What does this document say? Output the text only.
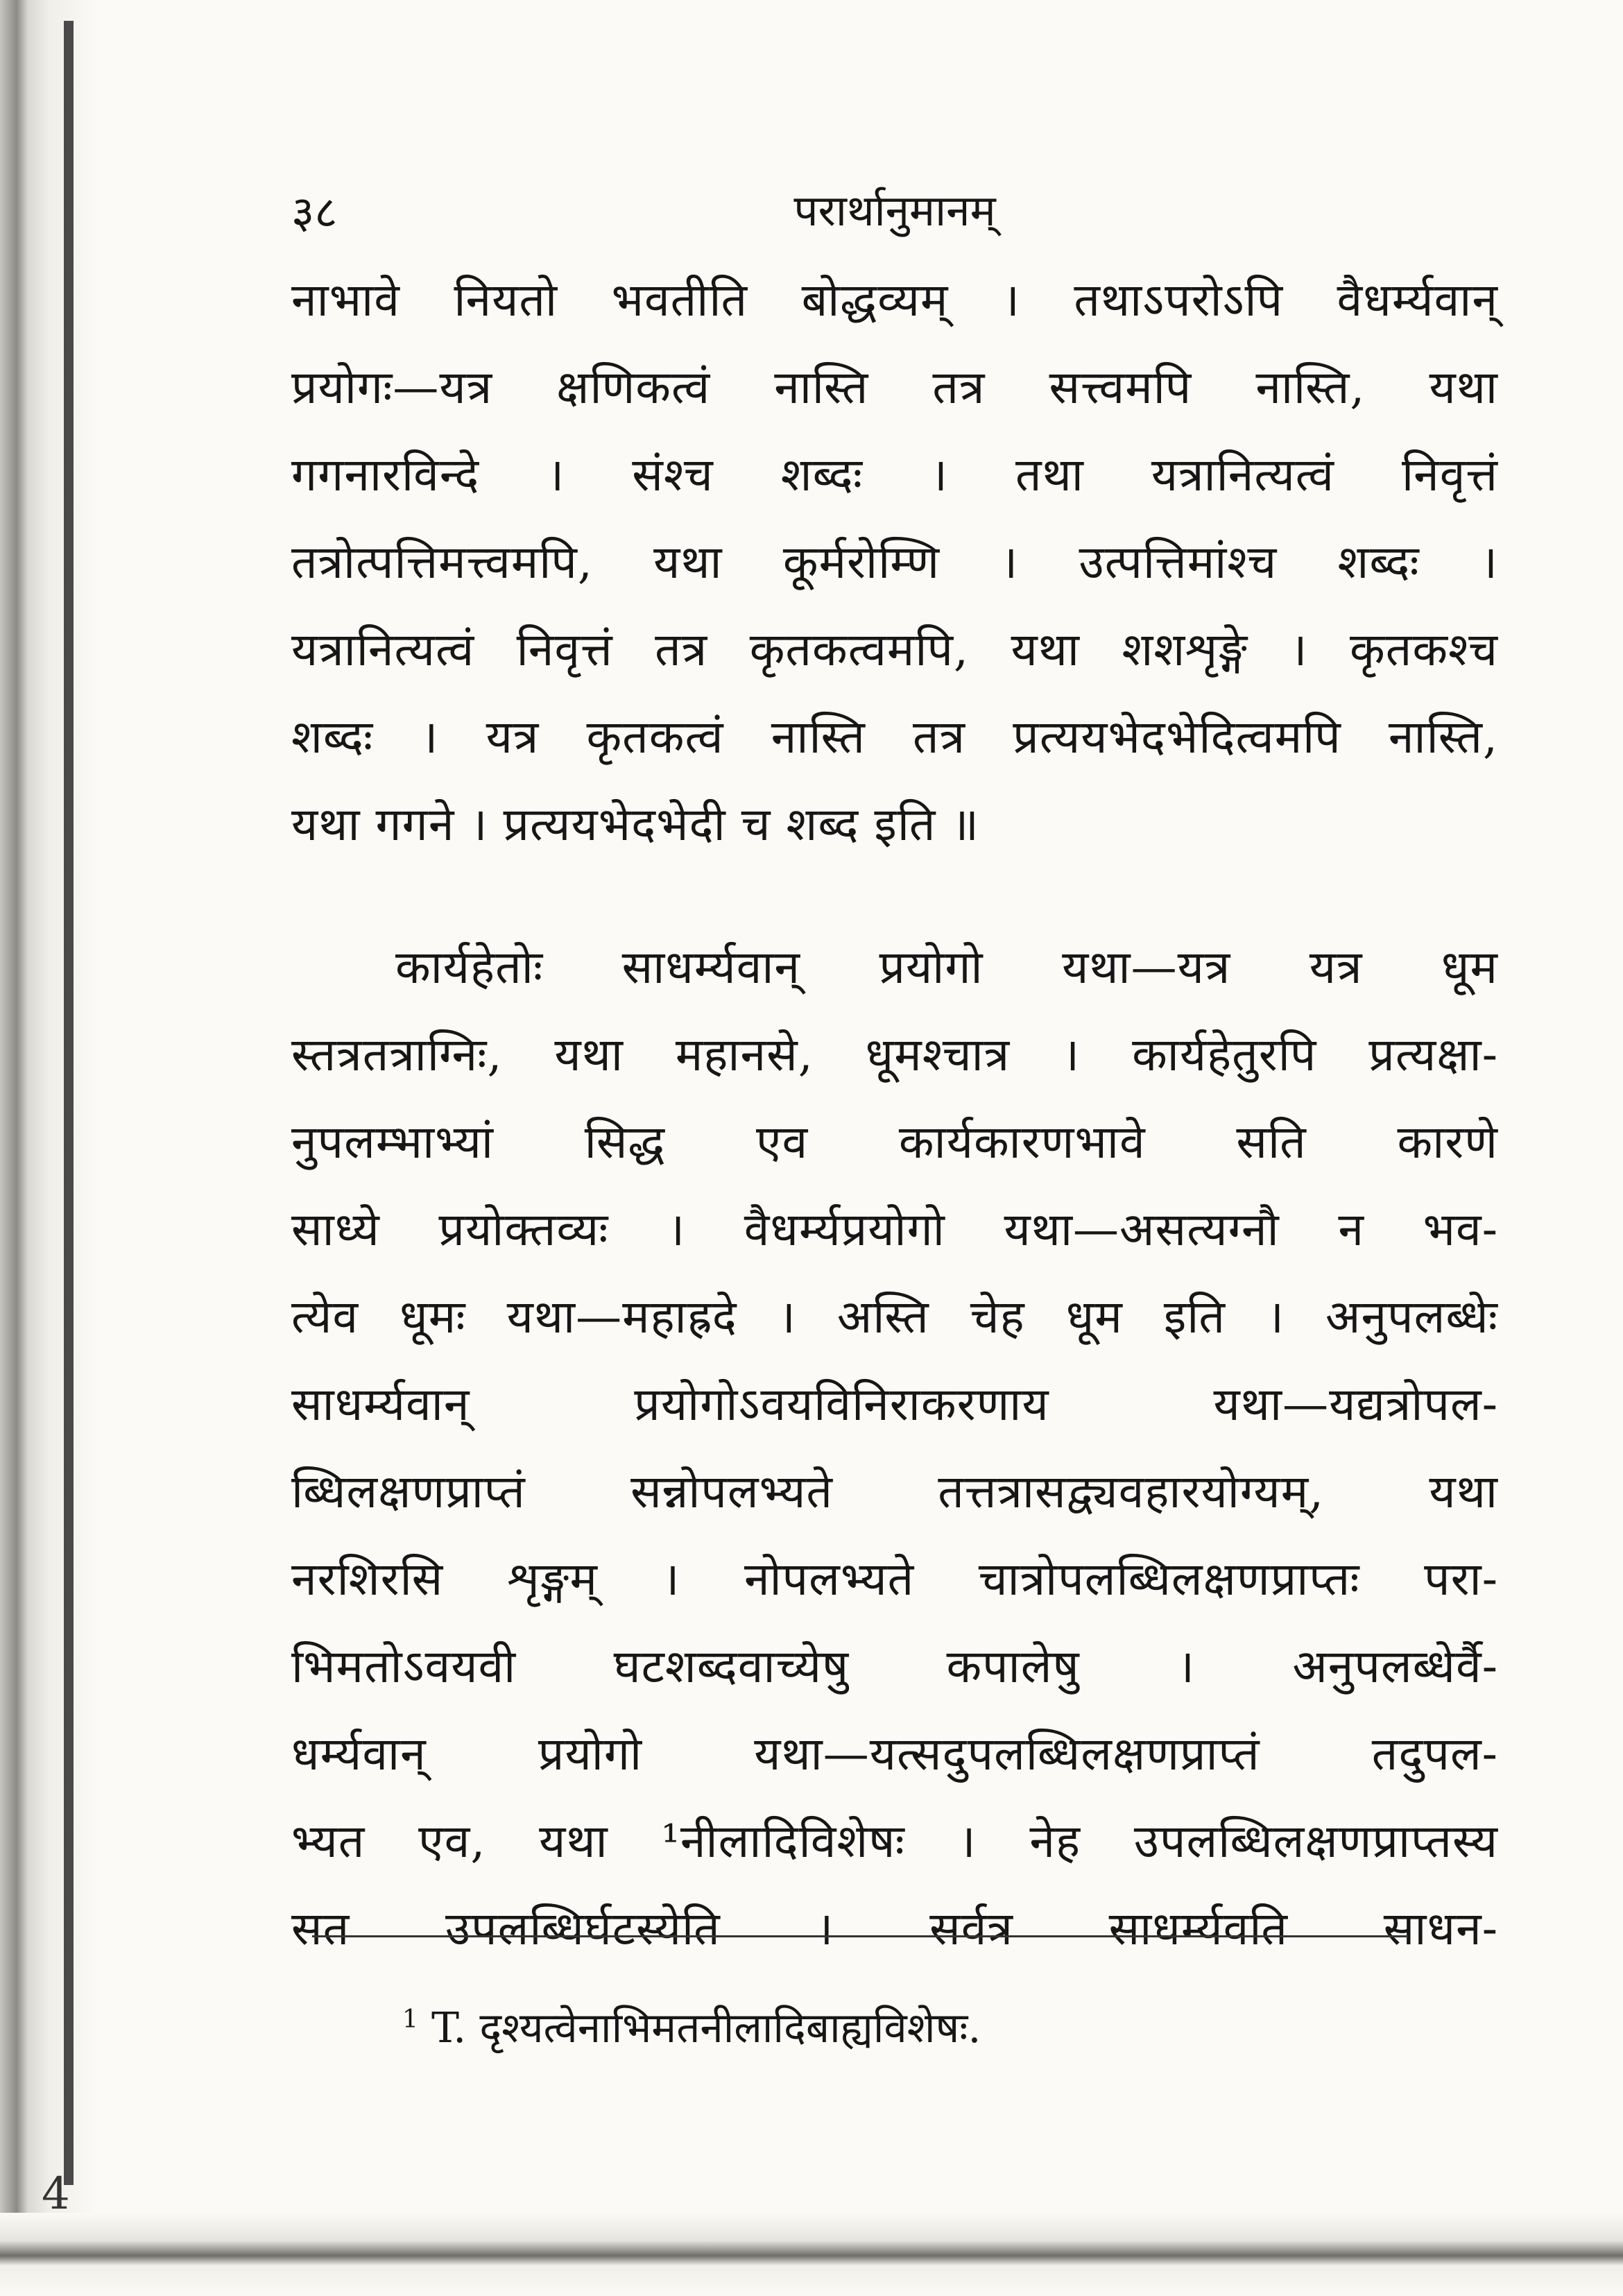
३८	परार्थानुमानम्

नाभावे नियतो भवतीति बोद्धव्यम् । तथाऽपरोऽपि वैधर्म्यवान्

प्रयोगः—यत्र क्षणिकत्वं नास्ति तत्र सत्त्वमपि नास्ति, यथा

गगनारविन्दे । संश्च शब्दः । तथा यत्रानित्यत्वं निवृत्तं

तत्रोत्पत्तिमत्त्वमपि, यथा कूर्मरोम्णि । उत्पत्तिमांश्च शब्दः ।

यत्रानित्यत्वं निवृत्तं तत्र कृतकत्वमपि, यथा शशशृङ्गे । कृतकश्च

शब्दः । यत्र कृतकत्वं नास्ति तत्र प्रत्ययभेदभेदित्वमपि नास्ति,

यथा गगने । प्रत्ययभेदभेदी च शब्द इति ॥

कार्यहेतोः साधर्म्यवान् प्रयोगो यथा—यत्र यत्र धूम

स्तत्रतत्राग्निः, यथा महानसे, धूमश्चात्र । कार्यहेतुरपि प्रत्यक्षा-

नुपलम्भाभ्यां सिद्ध एव कार्यकारणभावे सति कारणे

साध्ये प्रयोक्तव्यः । वैधर्म्यप्रयोगो यथा—असत्यग्नौ न भव-

त्येव धूमः यथा—महाह्रदे । अस्ति चेह धूम इति । अनुपलब्धेः

साधर्म्यवान् प्रयोगोऽवयविनिराकरणाय यथा—यद्यत्रोपल-

ब्धिलक्षणप्राप्तं सन्नोपलभ्यते तत्तत्रासद्व्यवहारयोग्यम्, यथा

नरशिरसि शृङ्गम् । नोपलभ्यते चात्रोपलब्धिलक्षणप्राप्तः परा-

भिमतोऽवयवी घटशब्दवाच्येषु कपालेषु । अनुपलब्धेर्वै-

धर्म्यवान् प्रयोगो यथा—यत्सदुपलब्धिलक्षणप्राप्तं तदुपल-

भ्यत एव, यथा ¹नीलादिविशेषः । नेह उपलब्धिलक्षणप्राप्तस्य

सत उपलब्धिर्घटस्येति । सर्वत्र साधर्म्यवति साधन-

$^1$ T. दृश्यत्वेनाभिमतनीलादिबाह्यविशेषः.
4
